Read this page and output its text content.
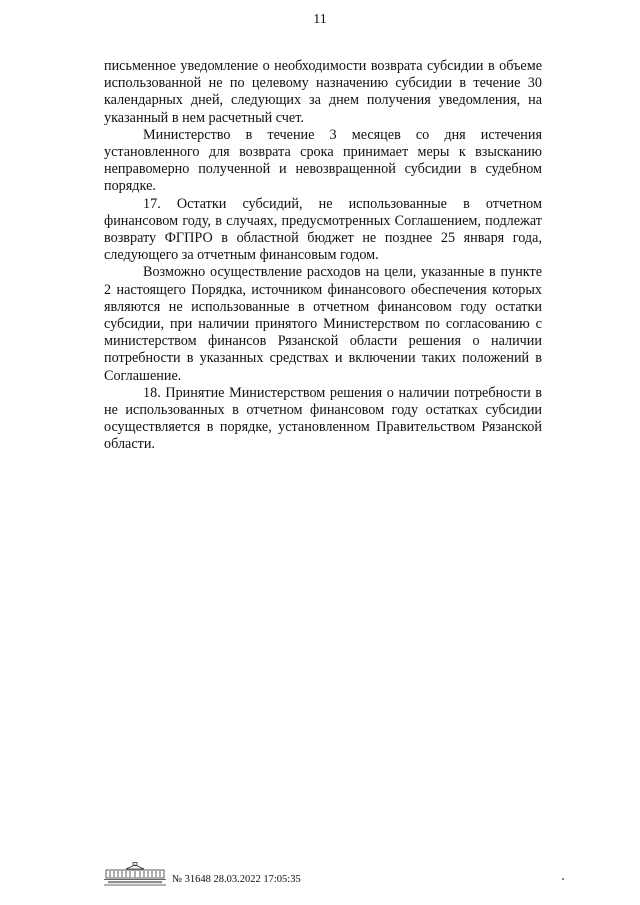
11

письменное уведомление о необходимости возврата субсидии в объеме использованной не по целевому назначению субсидии в течение 30 календарных дней, следующих за днем получения уведомления, на указанный в нем расчетный счет.

Министерство в течение 3 месяцев со дня истечения установленного для возврата срока принимает меры к взысканию неправомерно полученной и невозвращенной субсидии в судебном порядке.

17. Остатки субсидий, не использованные в отчетном финансовом году, в случаях, предусмотренных Соглашением, подлежат возврату ФГПРО в областной бюджет не позднее 25 января года, следующего за отчетным финансовым годом.

Возможно осуществление расходов на цели, указанные в пункте 2 настоящего Порядка, источником финансового обеспечения которых являются не использованные в отчетном финансовом году остатки субсидии, при наличии принятого Министерством по согласованию с министерством финансов Рязанской области решения о наличии потребности в указанных средствах и включении таких положений в Соглашение.

18. Принятие Министерством решения о наличии потребности в не использованных в отчетном финансовом году остатках субсидии осуществляется в порядке, установленном Правительством Рязанской области.

№ 31648 28.03.2022 17:05:35
